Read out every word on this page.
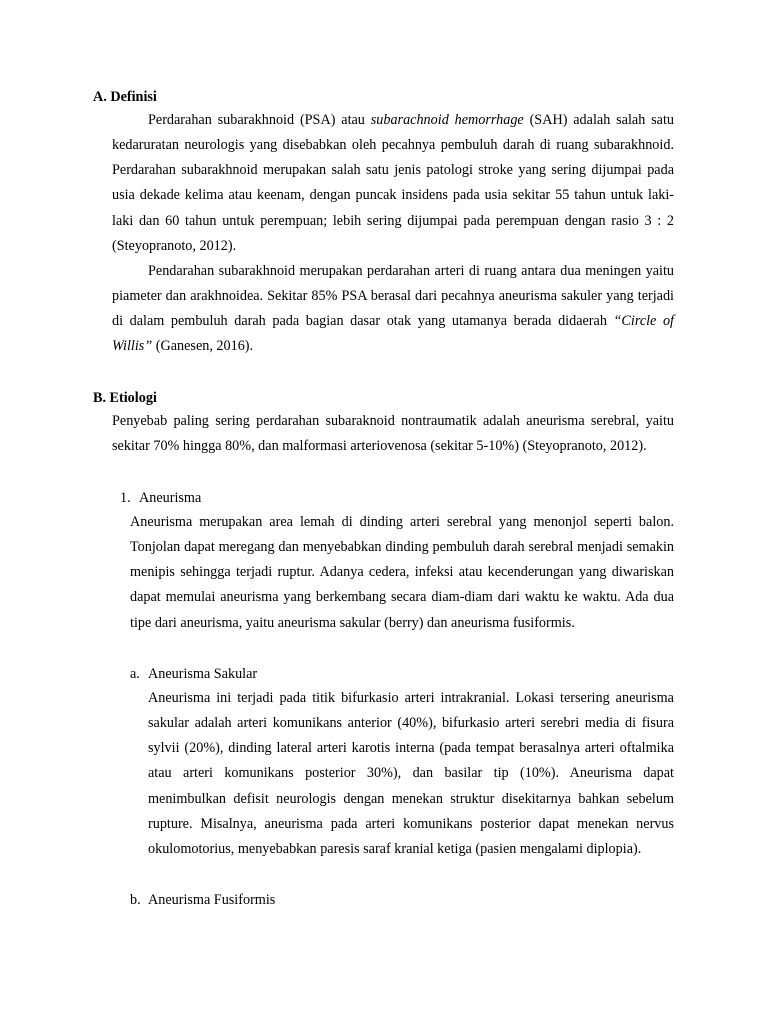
A. Definisi

Perdarahan subarakhnoid (PSA) atau subarachnoid hemorrhage (SAH) adalah salah satu kedaruratan neurologis yang disebabkan oleh pecahnya pembuluh darah di ruang subarakhnoid. Perdarahan subarakhnoid merupakan salah satu jenis patologi stroke yang sering dijumpai pada usia dekade kelima atau keenam, dengan puncak insidens pada usia sekitar 55 tahun untuk laki-laki dan 60 tahun untuk perempuan; lebih sering dijumpai pada perempuan dengan rasio 3 : 2 (Steyopranoto, 2012).

Pendarahan subarakhnoid merupakan perdarahan arteri di ruang antara dua meningen yaitu piameter dan arakhnoidea. Sekitar 85% PSA berasal dari pecahnya aneurisma sakuler yang terjadi di dalam pembuluh darah pada bagian dasar otak yang utamanya berada didaerah “Circle of Willis” (Ganesen, 2016).

B. Etiologi

Penyebab paling sering perdarahan subaraknoid nontraumatik adalah aneurisma serebral, yaitu sekitar 70% hingga 80%, dan malformasi arteriovenosa (sekitar 5-10%) (Steyopranoto, 2012).

1. Aneurisma

Aneurisma merupakan area lemah di dinding arteri serebral yang menonjol seperti balon. Tonjolan dapat meregang dan menyebabkan dinding pembuluh darah serebral menjadi semakin menipis sehingga terjadi ruptur. Adanya cedera, infeksi atau kecenderungan yang diwariskan dapat memulai aneurisma yang berkembang secara diam-diam dari waktu ke waktu. Ada dua tipe dari aneurisma, yaitu aneurisma sakular (berry) dan aneurisma fusiformis.

a. Aneurisma Sakular

Aneurisma ini terjadi pada titik bifurkasio arteri intrakranial. Lokasi tersering aneurisma sakular adalah arteri komunikans anterior (40%), bifurkasio arteri serebri media di fisura sylvii (20%), dinding lateral arteri karotis interna (pada tempat berasalnya arteri oftalmika atau arteri komunikans posterior 30%), dan basilar tip (10%). Aneurisma dapat menimbulkan defisit neurologis dengan menekan struktur disekitarnya bahkan sebelum rupture. Misalnya, aneurisma pada arteri komunikans posterior dapat menekan nervus okulomotorius, menyebabkan paresis saraf kranial ketiga (pasien mengalami diplopia).

b. Aneurisma Fusiformis
